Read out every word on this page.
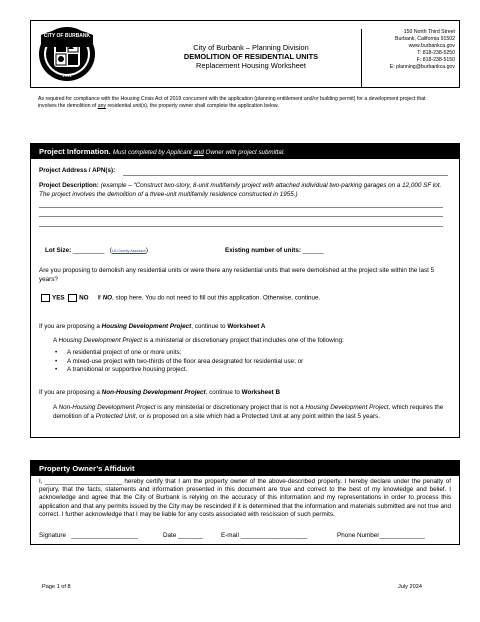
CITY OF BURBANK
1911
City of Burbank – Planning Division
DEMOLITION OF RESIDENTIAL UNITS
Replacement Housing Worksheet
150 North Third Street
Burbank, California 91502
www.burbankca.gov
T: 818-238-5250
F: 818-238-5150
E: planning@burbankca.gov
As required for compliance with the Housing Crisis Act of 2019 concurrent with the application (planning entitlement and/or building permit) for a development project that involves the demolition of any residential unit(s), the property owner shall complete the application below.
Project Information. Must completed by Applicant and Owner with project submittal.
Project Address / APN(s):
Project Description: (example – “Construct two-story, 8-unit multifamily project with attached individual two-parking garages on a 12,000 SF lot. The project involves the demolition of a three-unit multifamily residence constructed in 1955.)
Lot Size: _________   (LA County Assessor)	Existing number of units: ______
Are you proposing to demolish any residential units or were there any residential units that were demolished at the project site within the last 5 years?
YES NO If NO, stop here. You do not need to fill out this application. Otherwise, continue.
If you are proposing a Housing Development Project, continue to Worksheet A
A Housing Development Project is a ministerial or discretionary project that includes one of the following:
• A residential project of one or more units;
• A mixed-use project with two-thirds of the floor area designated for residential use; or
• A transitional or supportive housing project.
If you are proposing a Non-Housing Development Project, continue to Worksheet B
A Non-Housing Development Project is any ministerial or discretionary project that is not a Housing Development Project, which requires the demolition of a Protected Unit, or is proposed on a site which had a Protected Unit at any point within the last 5 years.
Property Owner’s Affidavit
I, ______________________ hereby certify that I am the property owner of the above-described property. I hereby declare under the penalty of perjury, that the facts, statements and information presented in this document are true and correct to the best of my knowledge and belief. I acknowledge and agree that the City of Burbank is relying on the accuracy of this information and my representations in order to process this application and that any permits issued by the City may be rescinded if it is determined that the information and materials submitted are not true and correct. I further acknowledge that I may be liable for any costs associated with rescission of such permits.
Signature ___________________	Date _______	E-mail ___________________	Phone Number_____________
Page 1 of 8	July 2024
